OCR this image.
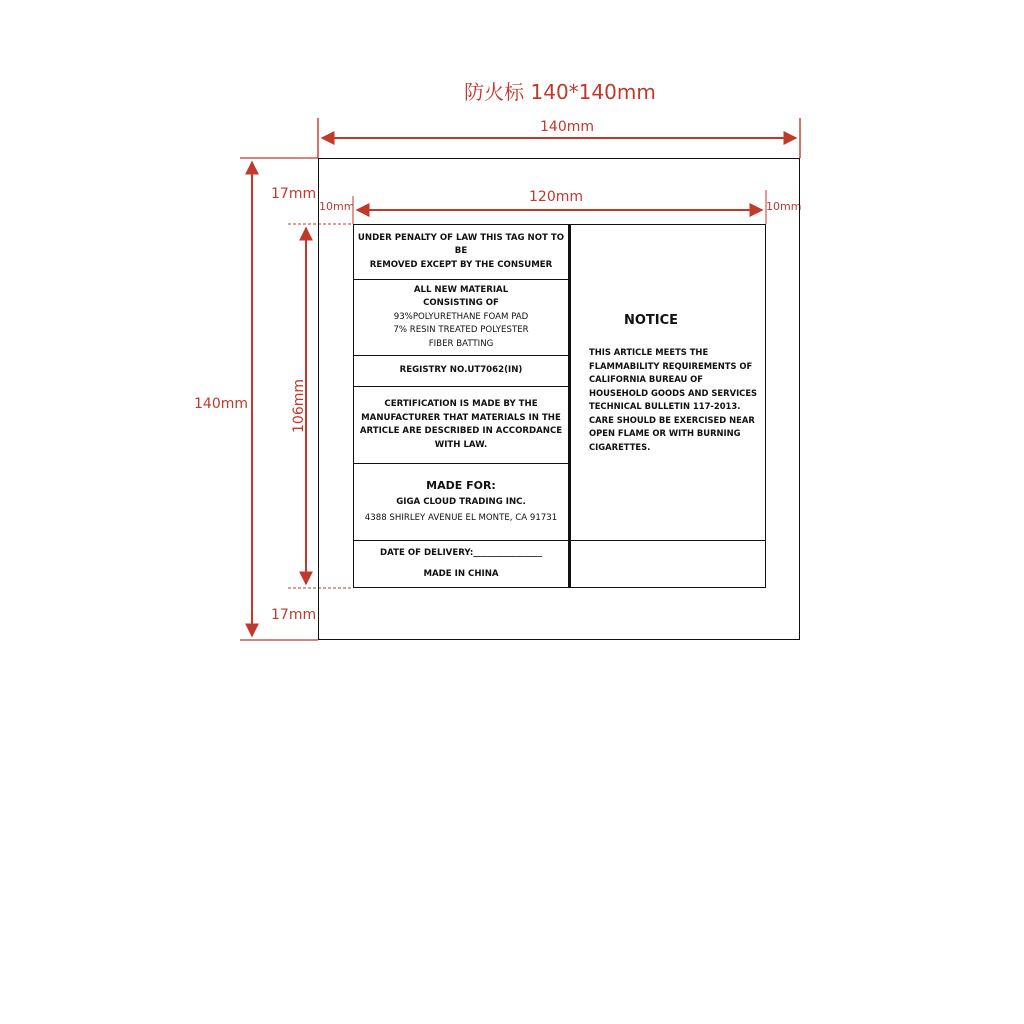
防火标 140*140mm
140mm
120mm
10mm	10mm
140mm
17mm
17mm
106mm
UNDER PENALTY OF LAW THIS TAG NOT TO BE
REMOVED EXCEPT BY THE CONSUMER
ALL NEW MATERIAL
CONSISTING OF
93%POLYURETHANE FOAM PAD
7% RESIN TREATED POLYESTER
FIBER BATTING
REGISTRY NO.UT7062(IN)
CERTIFICATION IS MADE BY THE
MANUFACTURER THAT MATERIALS IN THE
ARTICLE ARE DESCRIBED IN ACCORDANCE
WITH LAW.
MADE FOR:
GIGA CLOUD TRADING INC.
4388 SHIRLEY AVENUE EL MONTE, CA 91731
DATE OF DELIVERY:________________
MADE IN CHINA
NOTICE
THIS ARTICLE MEETS THE
FLAMMABILITY REQUIREMENTS OF
CALIFORNIA BUREAU OF
HOUSEHOLD GOODS AND SERVICES
TECHNICAL BULLETIN 117-2013.
CARE SHOULD BE EXERCISED NEAR
OPEN FLAME OR WITH BURNING
CIGARETTES.
